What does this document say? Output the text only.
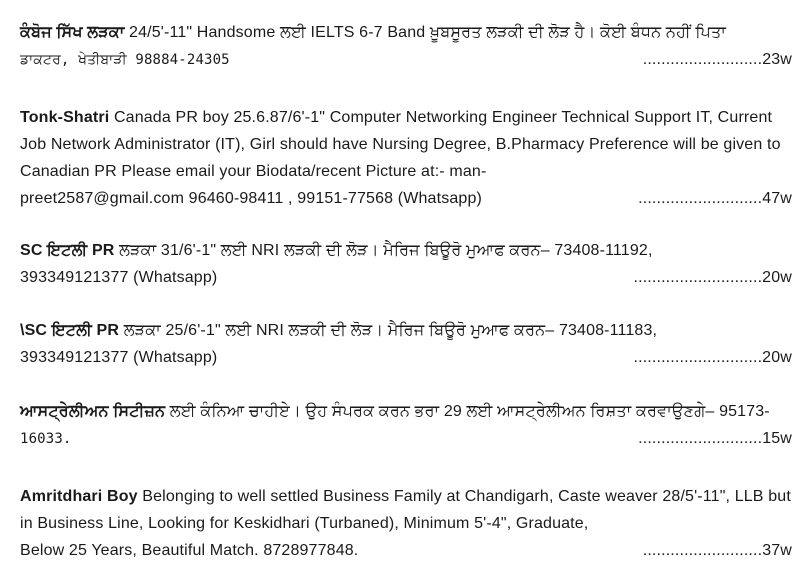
ਕੰਬੋਜ ਸਿੱਖ ਲੜਕਾ 24/5'-11" Handsome ਲਈ IELTS 6-7 Band ਖ਼ੂਬਸੂਰਤ ਲੜਕੀ ਦੀ ਲੋੜ ਹੈ। ਕੋਈ ਬੰਧਨ ਨਹੀਂ ਪਿਤਾ
ਡਾਕਟਰ, ਖੇਤੀਬਾੜੀ 98884-24305	..........................23w
Tonk-Shatri Canada PR boy 25.6.87/6'-1" Computer Networking Engineer Technical Support IT, Current Job Network Administrator (IT), Girl should have Nursing Degree, B.Pharmacy Preference will be given to Canadian PR Please email your Biodata/recent Picture at:- man-
preet2587@gmail.com 96460-98411 , 99151-77568 (Whatsapp)	...........................47w
SC ਇਟਲੀ PR ਲੜਕਾ 31/6'-1" ਲਈ NRI ਲੜਕੀ ਦੀ ਲੋੜ। ਮੈਰਿਜ ਬਿਊਰੋ ਮੁਆਫ ਕਰਨ– 73408-11192,
393349121377 (Whatsapp)	............................20w
\SC ਇਟਲੀ PR ਲੜਕਾ 25/6'-1" ਲਈ NRI ਲੜਕੀ ਦੀ ਲੋੜ। ਮੈਰਿਜ ਬਿਊਰੋ ਮੁਆਫ ਕਰਨ– 73408-11183,
393349121377 (Whatsapp)	............................20w
ਆਸਟ੍ਰੇਲੀਅਨ ਸਿਟੀਜ਼ਨ ਲਈ ਕੰਨਿਆ ਚਾਹੀਏ। ਉਹ ਸੰਪਰਕ ਕਰਨ ਭਰਾ 29 ਲਈ ਆਸਟ੍ਰੇਲੀਅਨ ਰਿਸ਼ਤਾ ਕਰਵਾਉਣਗੇ– 95173-
16033.	...........................15w
Amritdhari Boy Belonging to well settled Business Family at Chandigarh, Caste weaver 28/5'-11", LLB but in Business Line, Looking for Keskidhari (Turbaned), Minimum 5'-4", Graduate,
Below 25 Years, Beautiful Match. 8728977848.	..........................37w
